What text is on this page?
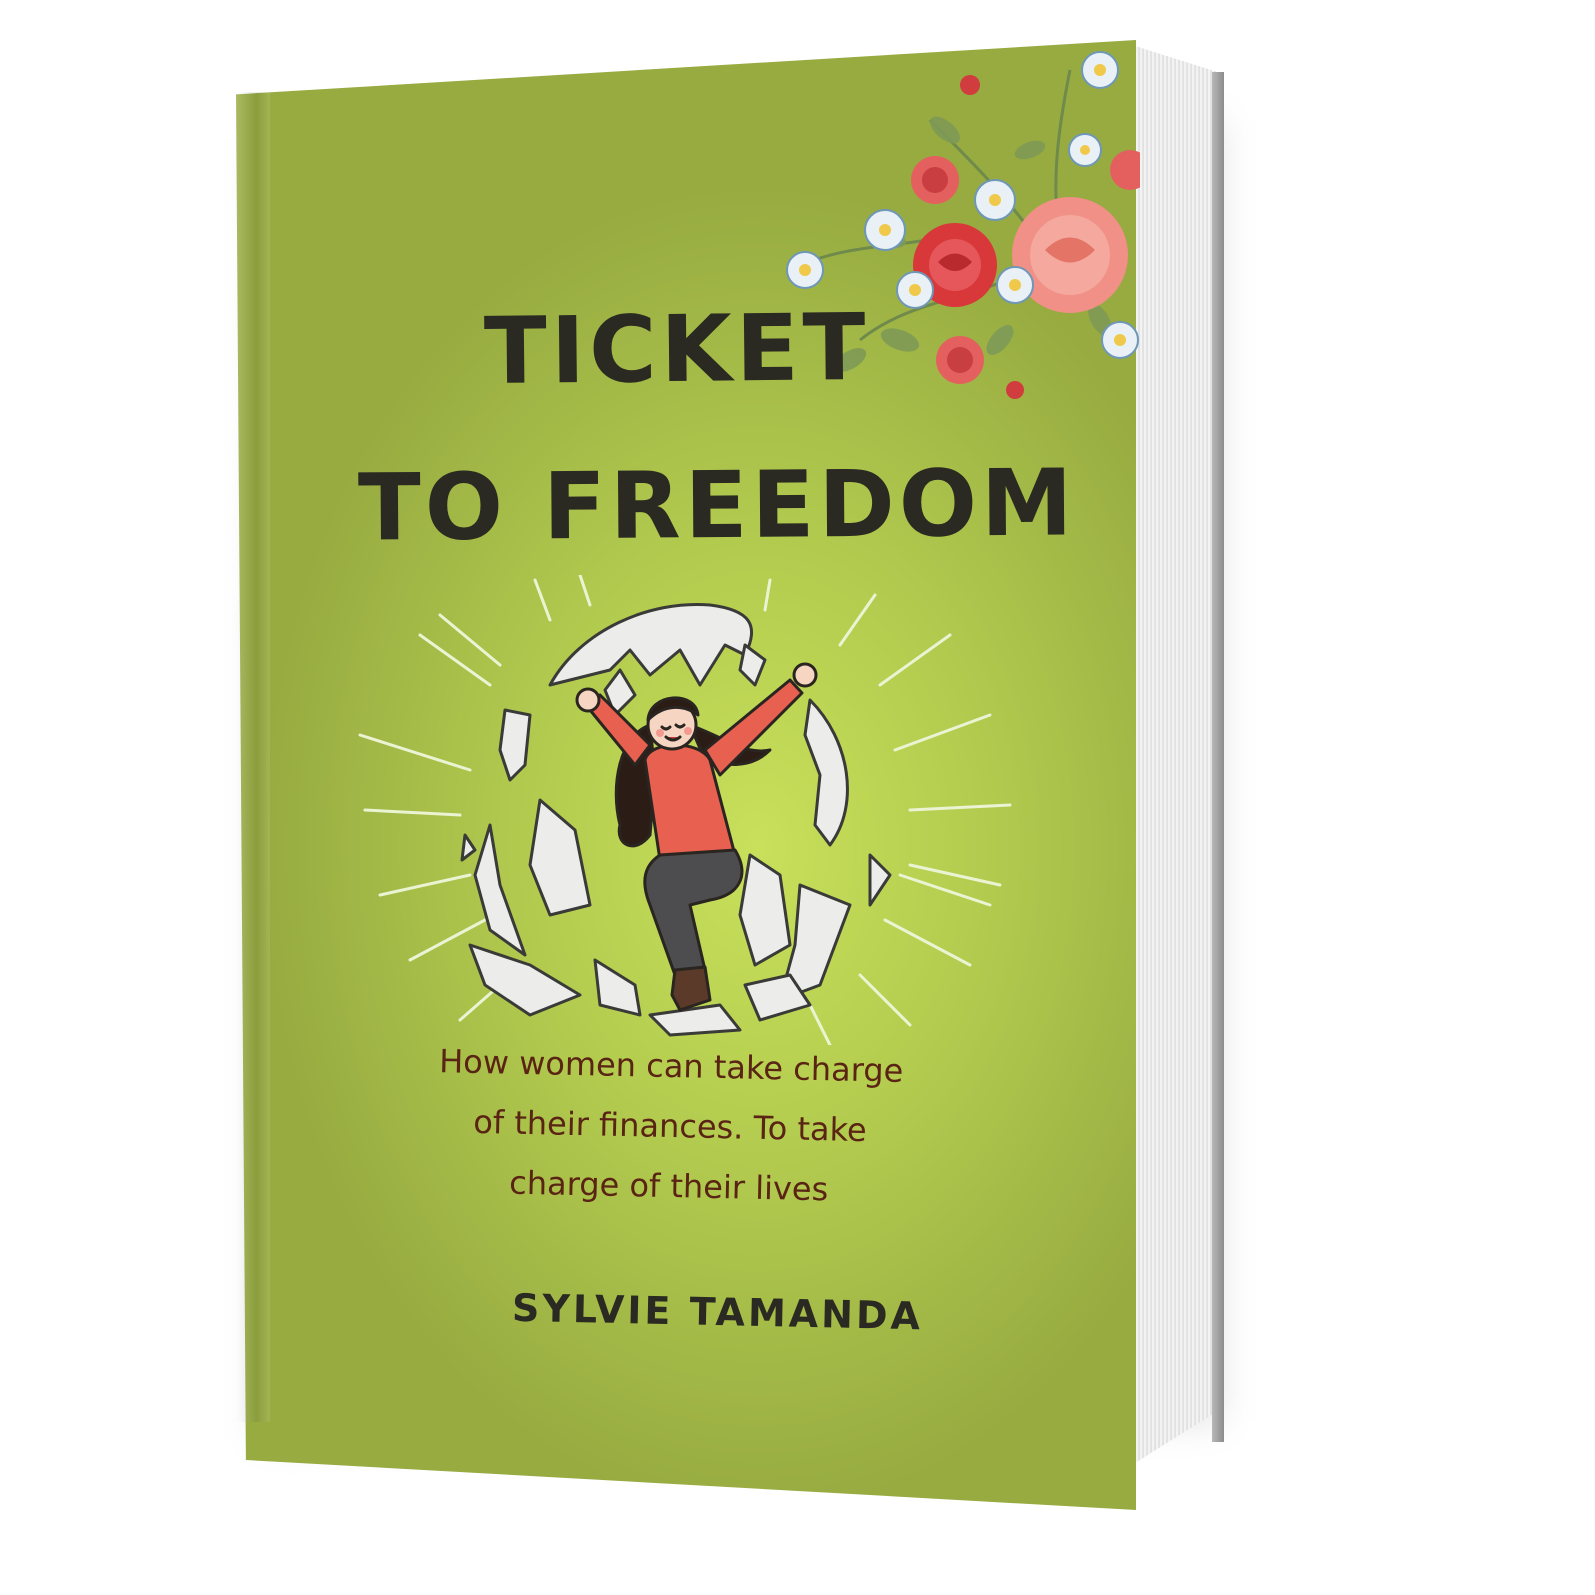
TICKET
TO FREEDOM
How women can take charge
of their finances. To take
charge of their lives

SYLVIE TAMANDA
